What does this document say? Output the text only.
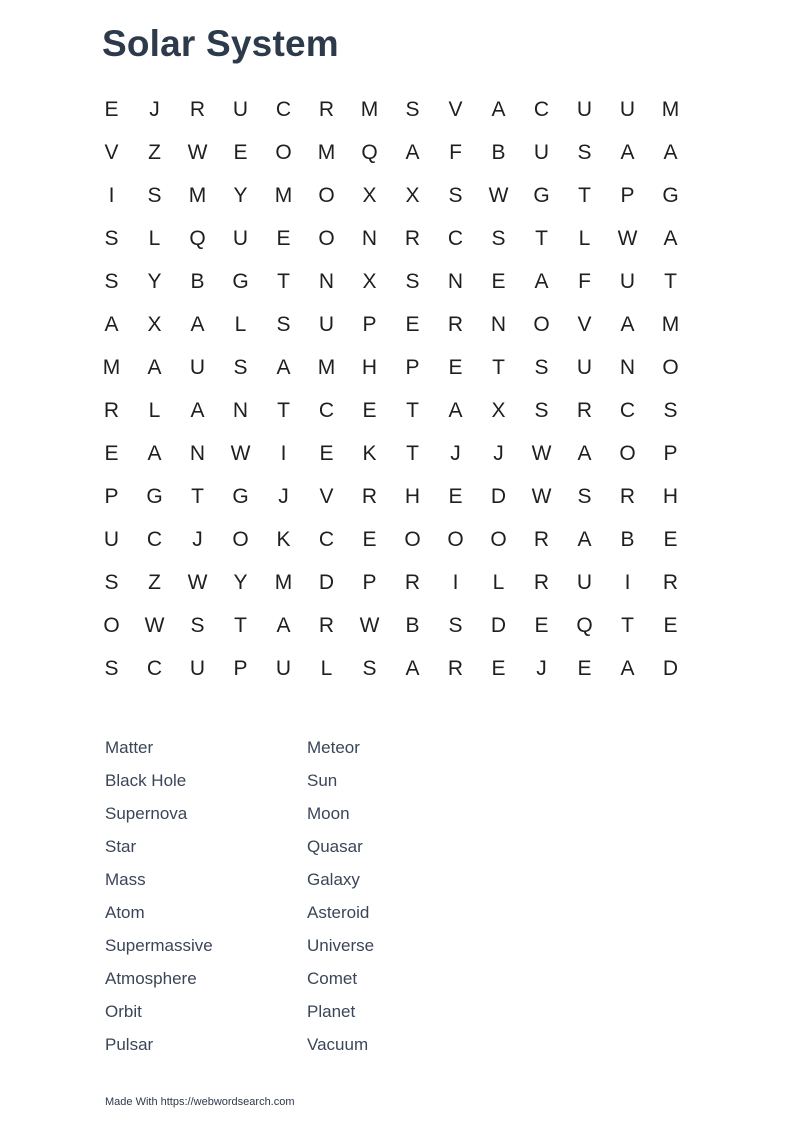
Solar System
E	J	R	U	C	R	M	S	V	A	C	U	U	M
V	Z	W	E	O	M	Q	A	F	B	U	S	A	A
I	S	M	Y	M	O	X	X	S	W	G	T	P	G
S	L	Q	U	E	O	N	R	C	S	T	L	W	A
S	Y	B	G	T	N	X	S	N	E	A	F	U	T
A	X	A	L	S	U	P	E	R	N	O	V	A	M
M	A	U	S	A	M	H	P	E	T	S	U	N	O
R	L	A	N	T	C	E	T	A	X	S	R	C	S
E	A	N	W	I	E	K	T	J	J	W	A	O	P
P	G	T	G	J	V	R	H	E	D	W	S	R	H
U	C	J	O	K	C	E	O	O	O	R	A	B	E
S	Z	W	Y	M	D	P	R	I	L	R	U	I	R
O	W	S	T	A	R	W	B	S	D	E	Q	T	E
S	C	U	P	U	L	S	A	R	E	J	E	A	D
Matter
Black Hole
Supernova
Star
Mass
Atom
Supermassive
Atmosphere
Orbit
Pulsar
Meteor
Sun
Moon
Quasar
Galaxy
Asteroid
Universe
Comet
Planet
Vacuum
Made With https://webwordsearch.com
